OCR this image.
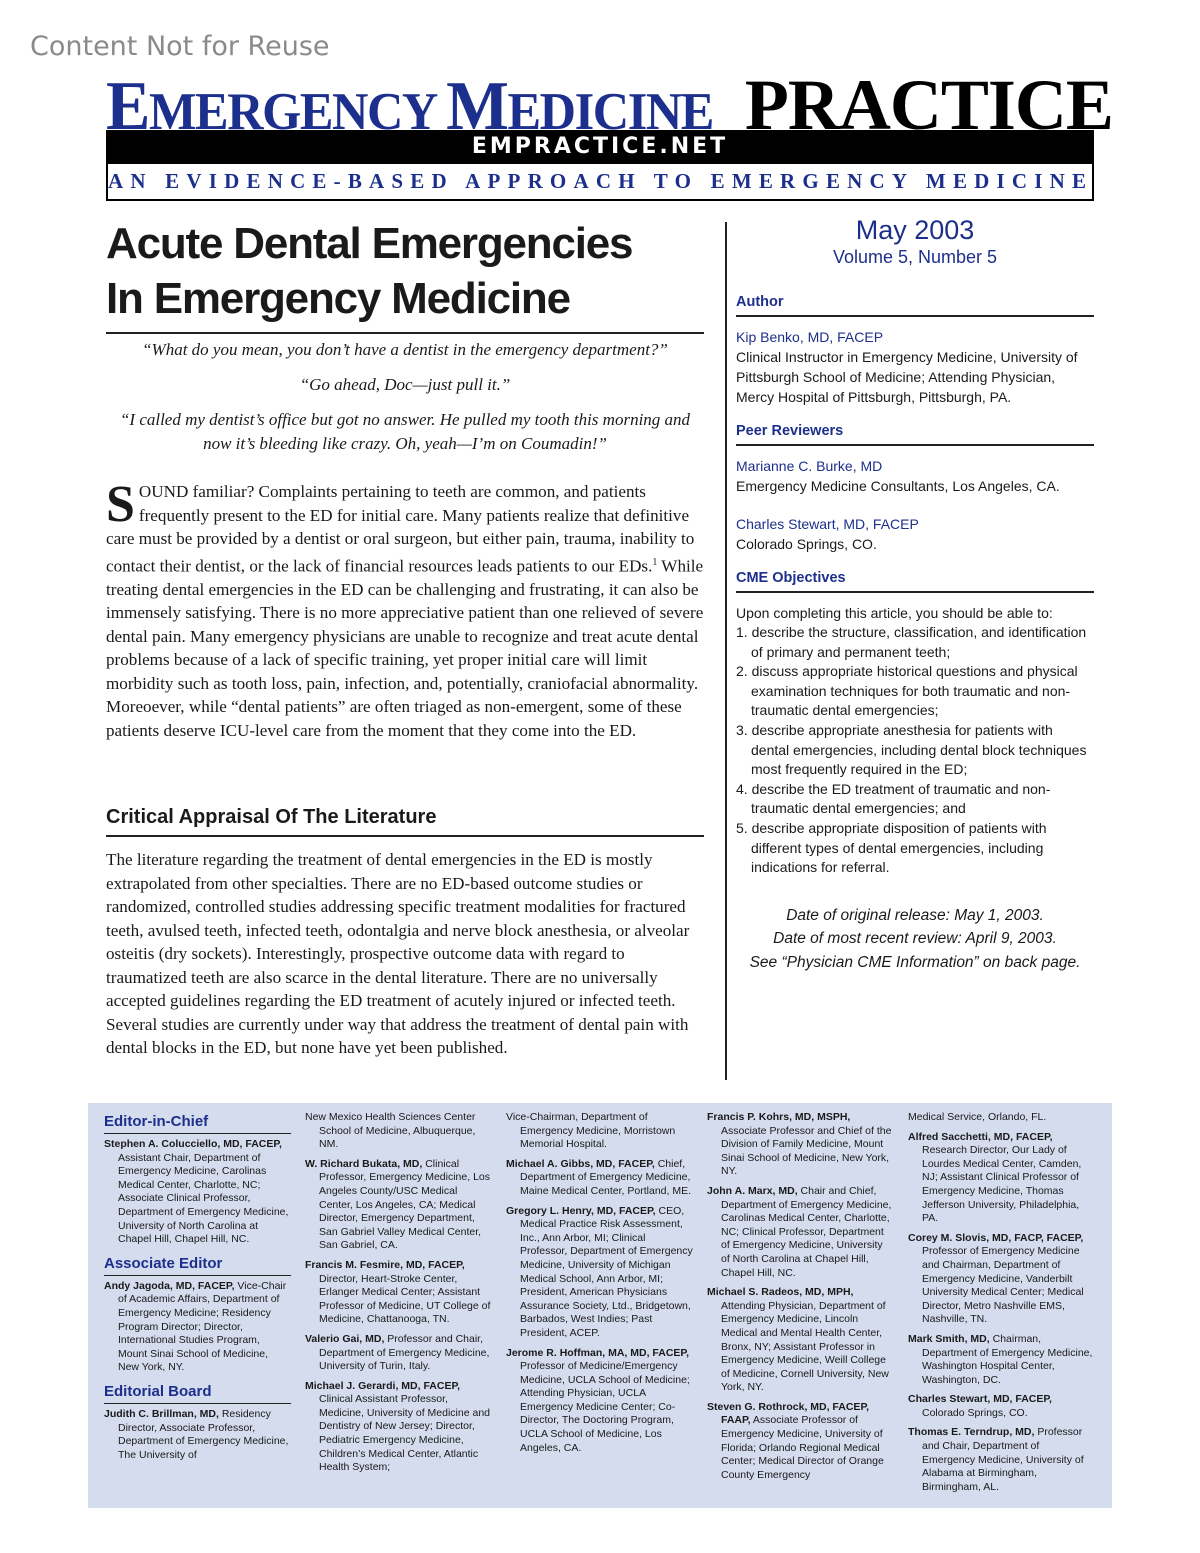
Content Not for Reuse
EMERGENCY MEDICINE PRACTICE
EMPRACTICE.NET
AN EVIDENCE-BASED APPROACH TO EMERGENCY MEDICINE
Acute Dental Emergencies
In Emergency Medicine

“What do you mean, you don’t have a dentist in the emergency department?”

“Go ahead, Doc—just pull it.”

“I called my dentist’s office but got no answer. He pulled my tooth this morning and now it’s bleeding like crazy. Oh, yeah—I’m on Coumadin!”

SOUND familiar? Complaints pertaining to teeth are common, and patients frequently present to the ED for initial care. Many patients realize that definitive care must be provided by a dentist or oral surgeon, but either pain, trauma, inability to contact their dentist, or the lack of financial resources leads patients to our EDs.$^1$ While treating dental emergencies in the ED can be challenging and frustrating, it can also be immensely satisfying. There is no more appreciative patient than one relieved of severe dental pain. Many emergency physicians are unable to recognize and treat acute dental problems because of a lack of specific training, yet proper initial care will limit morbidity such as tooth loss, pain, infection, and, potentially, craniofacial abnormality. Moreoever, while “dental patients” are often triaged as non-emergent, some of these patients deserve ICU-level care from the moment that they come into the ED.

Critical Appraisal Of The Literature

The literature regarding the treatment of dental emergencies in the ED is mostly extrapolated from other specialties. There are no ED-based outcome studies or randomized, controlled studies addressing specific treatment modalities for fractured teeth, avulsed teeth, infected teeth, odontalgia and nerve block anesthesia, or alveolar osteitis (dry sockets). Interestingly, prospective outcome data with regard to traumatized teeth are also scarce in the dental literature. There are no universally accepted guidelines regarding the ED treatment of acutely injured or infected teeth. Several studies are currently under way that address the treatment of dental pain with dental blocks in the ED, but none have yet been published.

May 2003
Volume 5, Number 5
Author
Kip Benko, MD, FACEP
Clinical Instructor in Emergency Medicine, University of Pittsburgh School of Medicine; Attending Physician, Mercy Hospital of Pittsburgh, Pittsburgh, PA.
Peer Reviewers
Marianne C. Burke, MD
Emergency Medicine Consultants, Los Angeles, CA.
Charles Stewart, MD, FACEP
Colorado Springs, CO.
CME Objectives

Upon completing this article, you should be able to:

1. describe the structure, classification, and identification of primary and permanent teeth;
2. discuss appropriate historical questions and physical examination techniques for both traumatic and non-traumatic dental emergencies;
3. describe appropriate anesthesia for patients with dental emergencies, including dental block techniques most frequently required in the ED;
4. describe the ED treatment of traumatic and non-traumatic dental emergencies; and
5. describe appropriate disposition of patients with different types of dental emergencies, including indications for referral.
Date of original release: May 1, 2003.
Date of most recent review: April 9, 2003.
See “Physician CME Information” on back page.
Editor-in-Chief
Stephen A. Colucciello, MD, FACEP, Assistant Chair, Department of Emergency Medicine, Carolinas Medical Center, Charlotte, NC; Associate Clinical Professor, Department of Emergency Medicine, University of North Carolina at Chapel Hill, Chapel Hill, NC.
Associate Editor
Andy Jagoda, MD, FACEP, Vice-Chair of Academic Affairs, Department of Emergency Medicine; Residency Program Director; Director, International Studies Program, Mount Sinai School of Medicine, New York, NY.
Editorial Board
Judith C. Brillman, MD, Residency Director, Associate Professor, Department of Emergency Medicine, The University of
New Mexico Health Sciences Center School of Medicine, Albuquerque, NM.
W. Richard Bukata, MD, Clinical Professor, Emergency Medicine, Los Angeles County/USC Medical Center, Los Angeles, CA; Medical Director, Emergency Department, San Gabriel Valley Medical Center, San Gabriel, CA.
Francis M. Fesmire, MD, FACEP, Director, Heart-Stroke Center, Erlanger Medical Center; Assistant Professor of Medicine, UT College of Medicine, Chattanooga, TN.
Valerio Gai, MD, Professor and Chair, Department of Emergency Medicine, University of Turin, Italy.
Michael J. Gerardi, MD, FACEP, Clinical Assistant Professor, Medicine, University of Medicine and Dentistry of New Jersey; Director, Pediatric Emergency Medicine, Children’s Medical Center, Atlantic Health System;
Vice-Chairman, Department of Emergency Medicine, Morristown Memorial Hospital.
Michael A. Gibbs, MD, FACEP, Chief, Department of Emergency Medicine, Maine Medical Center, Portland, ME.
Gregory L. Henry, MD, FACEP, CEO, Medical Practice Risk Assessment, Inc., Ann Arbor, MI; Clinical Professor, Department of Emergency Medicine, University of Michigan Medical School, Ann Arbor, MI; President, American Physicians Assurance Society, Ltd., Bridgetown, Barbados, West Indies; Past President, ACEP.
Jerome R. Hoffman, MA, MD, FACEP, Professor of Medicine/Emergency Medicine, UCLA School of Medicine; Attending Physician, UCLA Emergency Medicine Center; Co-Director, The Doctoring Program, UCLA School of Medicine, Los Angeles, CA.
Francis P. Kohrs, MD, MSPH, Associate Professor and Chief of the Division of Family Medicine, Mount Sinai School of Medicine, New York, NY.
John A. Marx, MD, Chair and Chief, Department of Emergency Medicine, Carolinas Medical Center, Charlotte, NC; Clinical Professor, Department of Emergency Medicine, University of North Carolina at Chapel Hill, Chapel Hill, NC.
Michael S. Radeos, MD, MPH, Attending Physician, Department of Emergency Medicine, Lincoln Medical and Mental Health Center, Bronx, NY; Assistant Professor in Emergency Medicine, Weill College of Medicine, Cornell University, New York, NY.
Steven G. Rothrock, MD, FACEP, FAAP, Associate Professor of Emergency Medicine, University of Florida; Orlando Regional Medical Center; Medical Director of Orange County Emergency
Medical Service, Orlando, FL.
Alfred Sacchetti, MD, FACEP, Research Director, Our Lady of Lourdes Medical Center, Camden, NJ; Assistant Clinical Professor of Emergency Medicine, Thomas Jefferson University, Philadelphia, PA.
Corey M. Slovis, MD, FACP, FACEP, Professor of Emergency Medicine and Chairman, Department of Emergency Medicine, Vanderbilt University Medical Center; Medical Director, Metro Nashville EMS, Nashville, TN.
Mark Smith, MD, Chairman, Department of Emergency Medicine, Washington Hospital Center, Washington, DC.
Charles Stewart, MD, FACEP, Colorado Springs, CO.
Thomas E. Terndrup, MD, Professor and Chair, Department of Emergency Medicine, University of Alabama at Birmingham, Birmingham, AL.
